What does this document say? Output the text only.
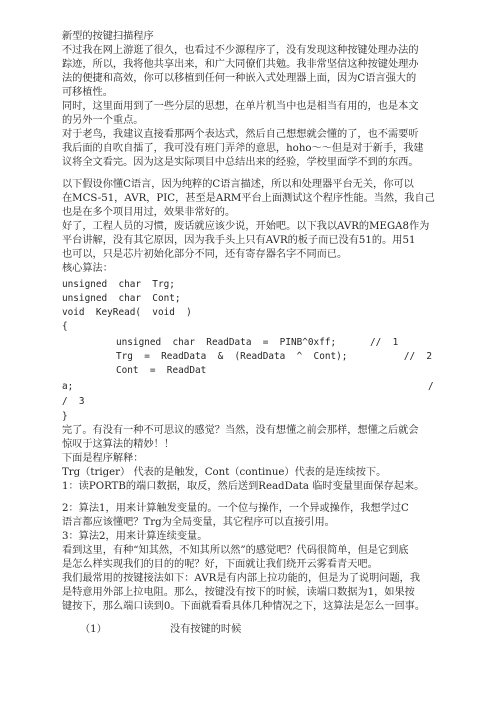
新型的按键扫描程序
不过我在网上游逛了很久，也看过不少源程序了，没有发现这种按键处理办法的
踪迹，所以，我将他共享出来，和广大同僚们共勉。我非常坚信这种按键处理办
法的便捷和高效，你可以移植到任何一种嵌入式处理器上面，因为C语言强大的
可移植性。
同时，这里面用到了一些分层的思想，在单片机当中也是相当有用的，也是本文
的另外一个重点。
对于老鸟，我建议直接看那两个表达式，然后自己想想就会懂的了，也不需要听
我后面的自吹自擂了，我可没有班门弄斧的意思，hoho～～但是对于新手，我建
议将全文看完。因为这是实际项目中总结出来的经验，学校里面学不到的东西。
以下假设你懂C语言，因为纯粹的C语言描述，所以和处理器平台无关，你可以
在MCS-51，AVR，PIC，甚至是ARM平台上面测试这个程序性能。当然，我自己
也是在多个项目用过，效果非常好的。
好了，工程人员的习惯，废话就应该少说，开始吧。以下我以AVR的MEGA8作为
平台讲解，没有其它原因，因为我手头上只有AVR的板子而已没有51的。用51
也可以，只是芯片初始化部分不同，还有寄存器名字不同而已。
核心算法：
unsigned  char  Trg;
unsigned  char  Cont;
void  KeyRead(  void  )
{
unsigned  char  ReadData  =  PINB^0xff;      //  1
Trg  =  ReadData  &  (ReadData  ^  Cont);          //  2
Cont  =  ReadDat
a;	/
/  3
}
完了。有没有一种不可思议的感觉？当然，没有想懂之前会那样，想懂之后就会
惊叹于这算法的精妙！！
下面是程序解释：
Trg（triger） 代表的是触发，Cont（continue）代表的是连续按下。
1：读PORTB的端口数据，取反，然后送到ReadData 临时变量里面保存起来。
2：算法1，用来计算触发变量的。一个位与操作，一个异或操作，我想学过C
语言都应该懂吧？Trg为全局变量，其它程序可以直接引用。
3：算法2，用来计算连续变量。
看到这里，有种“知其然，不知其所以然”的感觉吧？代码很简单，但是它到底
是怎么样实现我们的目的的呢？好，下面就让我们绕开云雾看青天吧。
我们最常用的按键接法如下：AVR是有内部上拉功能的，但是为了说明问题，我
是特意用外部上拉电阻。那么，按键没有按下的时候，读端口数据为1，如果按
键按下，那么端口读到0。下面就看看具体几种情况之下，这算法是怎么一回事。
（1）	没有按键的时候
